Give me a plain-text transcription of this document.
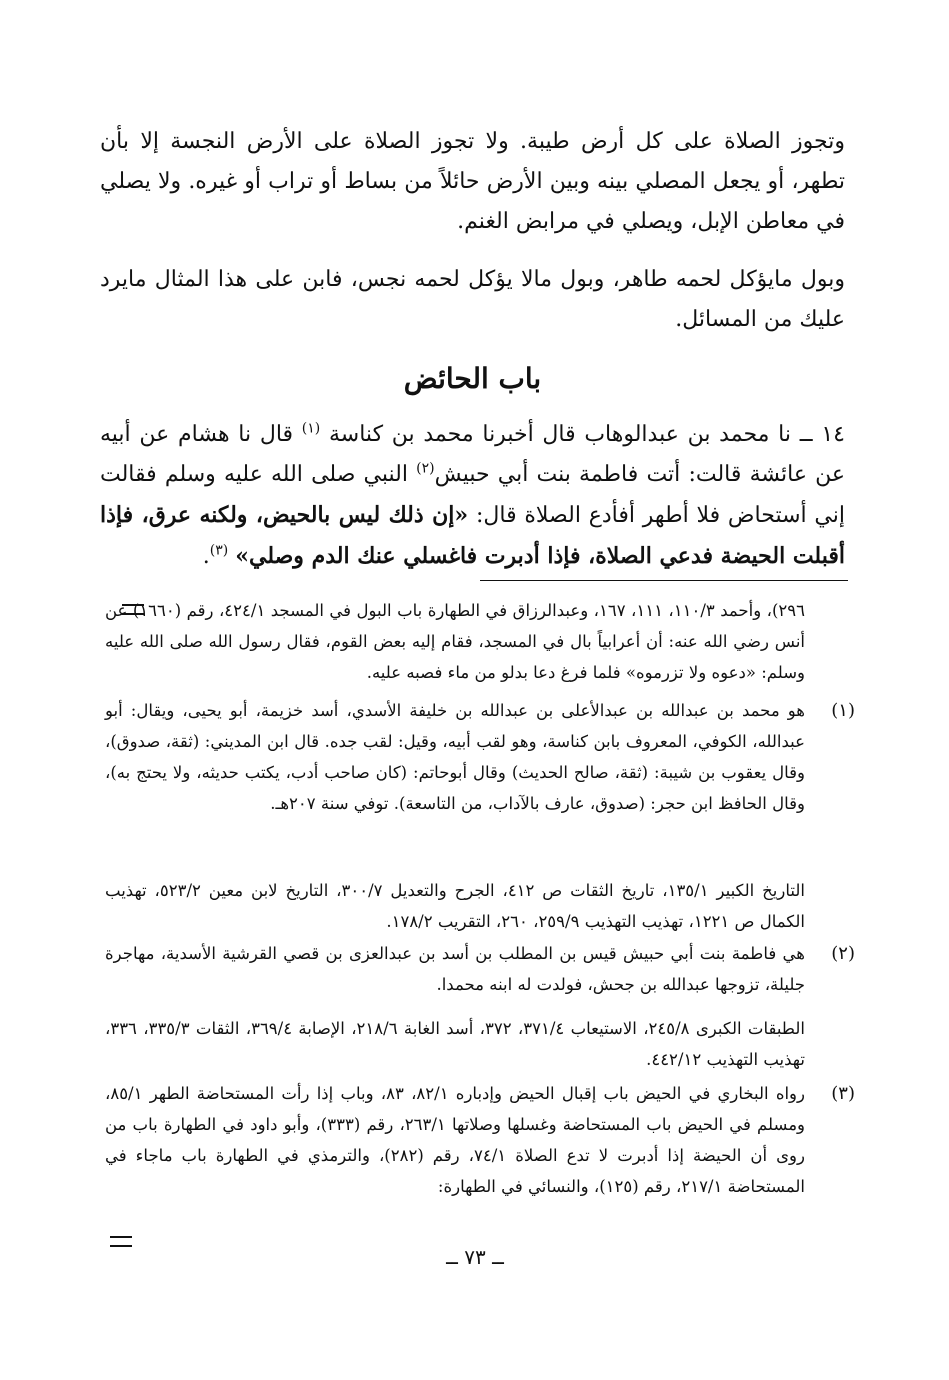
وتجوز الصلاة على كل أرض طيبة. ولا تجوز الصلاة على الأرض النجسة إلا بأن تطهر، أو يجعل المصلي بينه وبين الأرض حائلاً من بساط أو تراب أو غيره. ولا يصلي في معاطن الإبل، ويصلي في مرابض الغنم.

وبول مايؤكل لحمه طاهر، وبول مالا يؤكل لحمه نجس، فابن على هذا المثال مايرد عليك من المسائل.

باب الحائض

١٤ ــ نا محمد بن عبدالوهاب قال أخبرنا محمد بن كناسة $^{(١)}$ قال نا هشام عن أبيه عن عائشة قالت: أتت فاطمة بنت أبي حبيش$^{(٢)}$ النبي صلى الله عليه وسلم فقالت إني أستحاض فلا أطهر أفأدع الصلاة قال: «إن ذلك ليس بالحيض، ولكنه عرق، فإذا أقبلت الحيضة فدعي الصلاة، فإذا أدبرت فاغسلي عنك الدم وصلي» $^{(٣)}$.

٢٩٦)، وأحمد ١١٠/٣، ١١١، ١٦٧، وعبدالرزاق في الطهارة باب البول في المسجد ٤٢٤/١، رقم (١٦٦٠) عن أنس رضي الله عنه: أن أعرابياً بال في المسجد، فقام إليه بعض القوم، فقال رسول الله صلى الله عليه وسلم: «دعوه ولا تزرموه» فلما فرغ دعا بدلو من ماء فصبه عليه.

(١)

هو محمد بن عبدالله بن عبدالأعلى بن عبدالله بن خليفة الأسدي، أسد خزيمة، أبو يحيى، ويقال: أبو عبدالله، الكوفي، المعروف بابن كناسة، وهو لقب أبيه، وقيل: لقب جده. قال ابن المديني: (ثقة، صدوق)، وقال يعقوب بن شيبة: (ثقة، صالح الحديث) وقال أبوحاتم: (كان صاحب أدب، يكتب حديثه، ولا يحتج به)، وقال الحافظ ابن حجر: (صدوق، عارف بالآداب، من التاسعة). توفي سنة ٢٠٧هـ.

التاريخ الكبير ١٣٥/١، تاريخ الثقات ص ٤١٢، الجرح والتعديل ٣٠٠/٧، التاريخ لابن معين ٥٢٣/٢، تهذيب الكمال ص ١٢٢١، تهذيب التهذيب ٢٥٩/٩، ٢٦٠، التقريب ١٧٨/٢.

(٢)

هي فاطمة بنت أبي حبيش قيس بن المطلب بن أسد بن عبدالعزى بن قصي القرشية الأسدية، مهاجرة جليلة، تزوجها عبدالله بن جحش، فولدت له ابنه محمدا.

الطبقات الكبرى ٢٤٥/٨، الاستيعاب ٣٧١/٤، ٣٧٢، أسد الغابة ٢١٨/٦، الإصابة ٣٦٩/٤، الثقات ٣٣٥/٣، ٣٣٦، تهذيب التهذيب ٤٤٢/١٢.

(٣)

رواه البخاري في الحيض باب إقبال الحيض وإدباره ٨٢/١، ٨٣، وباب إذا رأت المستحاضة الطهر ٨٥/١، ومسلم في الحيض باب المستحاضة وغسلها وصلاتها ٢٦٣/١، رقم (٣٣٣)، وأبو داود في الطهارة باب من روى أن الحيضة إذا أدبرت لا تدع الصلاة ٧٤/١، رقم (٢٨٢)، والترمذي في الطهارة باب ماجاء في المستحاضة ٢١٧/١، رقم (١٢٥)، والنسائي في الطهارة:

ــ ٧٣ ــ
